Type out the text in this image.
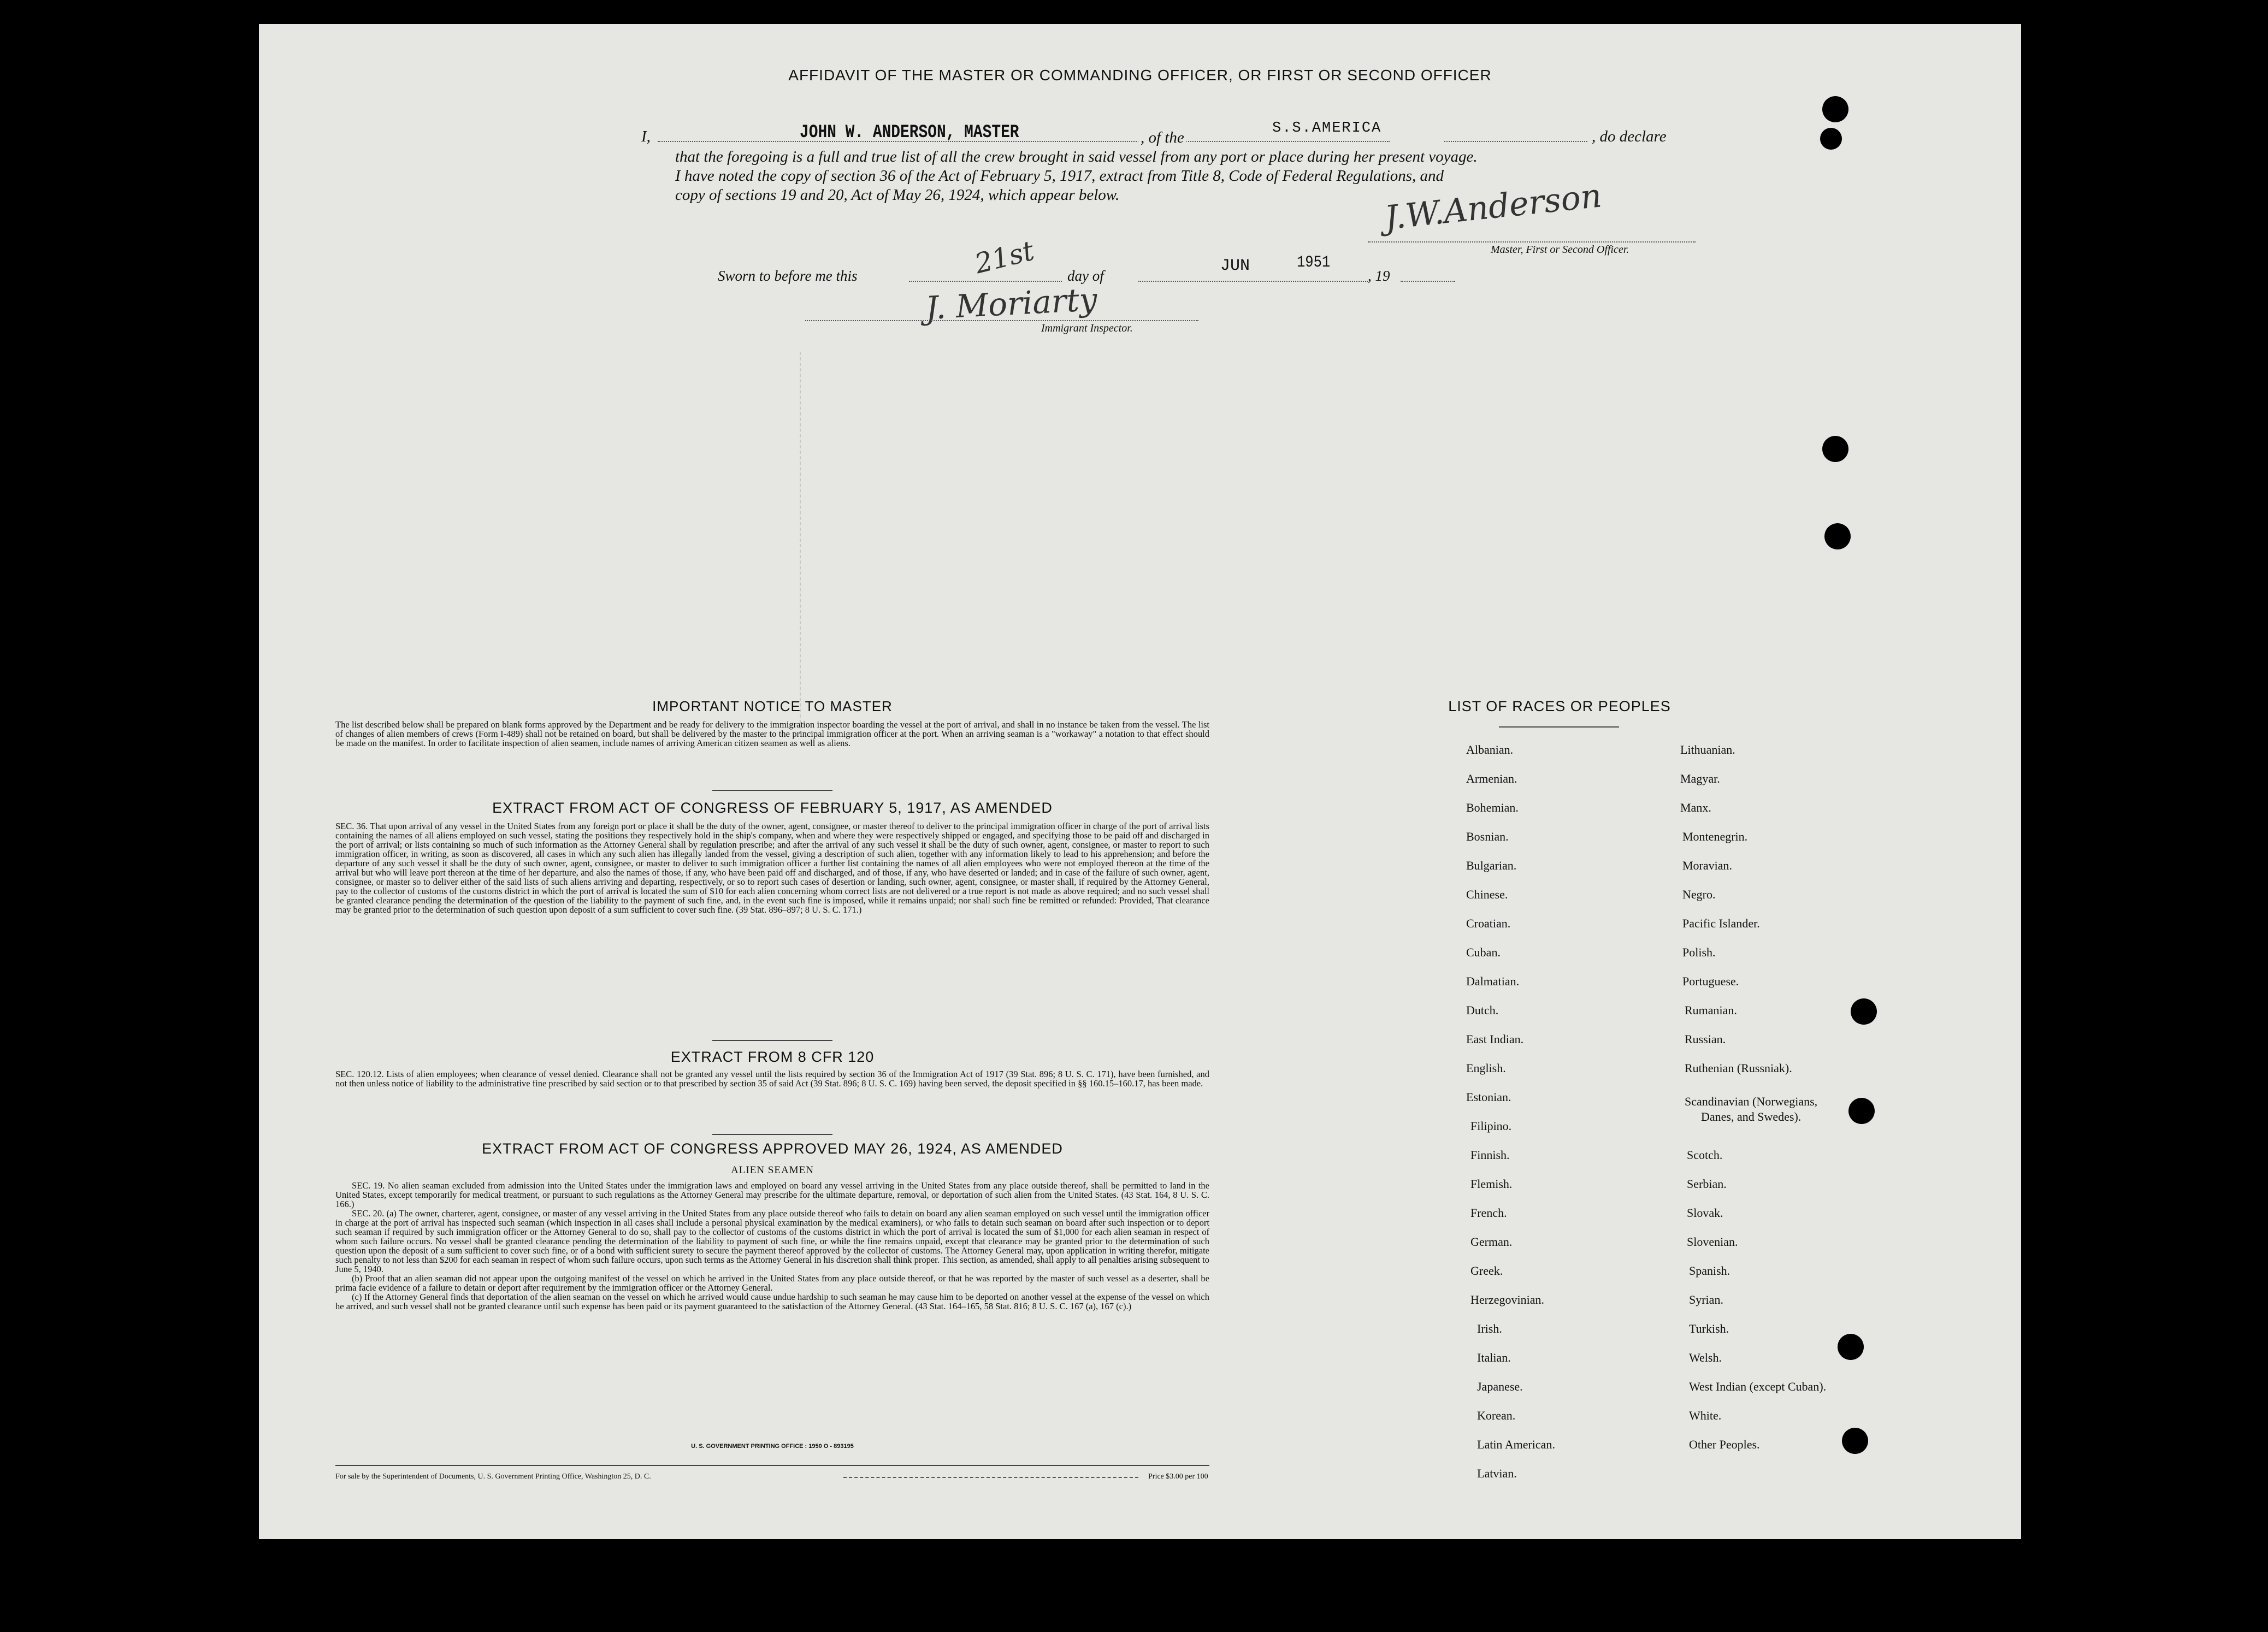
AFFIDAVIT OF THE MASTER OR COMMANDING OFFICER, OR FIRST OR SECOND OFFICER
I,	JOHN W. ANDERSON, MASTER	, of the
S.S.AMERICA	, do declare
that the foregoing is a full and true list of all the crew brought in said vessel from any port or place during her present voyage.
I have noted the copy of section 36 of the Act of February 5, 1917, extract from Title 8, Code of Federal Regulations, and
copy of sections 19 and 20, Act of May 26, 1924, which appear below.	J.W.Anderson
Master, First or Second Officer.
Sworn to before me this	21st day of
JUN	1951
, 19
J. Moriarty
Immigrant Inspector.
IMPORTANT NOTICE TO MASTER
The list described below shall be prepared on blank forms approved by the Department and be ready for delivery to the immigration inspector boarding the vessel at the port of arrival, and shall in no instance be taken from the vessel. The list of changes of alien members of crews (Form I-489) shall not be retained on board, but shall be delivered by the master to the principal immigration officer at the port. When an arriving seaman is a "workaway" a notation to that effect should be made on the manifest. In order to facilitate inspection of alien seamen, include names of arriving American citizen seamen as well as aliens.
EXTRACT FROM ACT OF CONGRESS OF FEBRUARY 5, 1917, AS AMENDED
SEC. 36. That upon arrival of any vessel in the United States from any foreign port or place it shall be the duty of the owner, agent, consignee, or master thereof to deliver to the principal immigration officer in charge of the port of arrival lists containing the names of all aliens employed on such vessel, stating the positions they respectively hold in the ship's company, when and where they were respectively shipped or engaged, and specifying those to be paid off and discharged in the port of arrival; or lists containing so much of such information as the Attorney General shall by regulation prescribe; and after the arrival of any such vessel it shall be the duty of such owner, agent, consignee, or master to report to such immigration officer, in writing, as soon as discovered, all cases in which any such alien has illegally landed from the vessel, giving a description of such alien, together with any information likely to lead to his apprehension; and before the departure of any such vessel it shall be the duty of such owner, agent, consignee, or master to deliver to such immigration officer a further list containing the names of all alien employees who were not employed thereon at the time of the arrival but who will leave port thereon at the time of her departure, and also the names of those, if any, who have been paid off and discharged, and of those, if any, who have deserted or landed; and in case of the failure of such owner, agent, consignee, or master so to deliver either of the said lists of such aliens arriving and departing, respectively, or so to report such cases of desertion or landing, such owner, agent, consignee, or master shall, if required by the Attorney General, pay to the collector of customs of the customs district in which the port of arrival is located the sum of $10 for each alien concerning whom correct lists are not delivered or a true report is not made as above required; and no such vessel shall be granted clearance pending the determination of the question of the liability to the payment of such fine, and, in the event such fine is imposed, while it remains unpaid; nor shall such fine be remitted or refunded: Provided, That clearance may be granted prior to the determination of such question upon deposit of a sum sufficient to cover such fine. (39 Stat. 896–897; 8 U. S. C. 171.)
EXTRACT FROM 8 CFR 120
SEC. 120.12. Lists of alien employees; when clearance of vessel denied. Clearance shall not be granted any vessel until the lists required by section 36 of the Immigration Act of 1917 (39 Stat. 896; 8 U. S. C. 171), have been furnished, and not then unless notice of liability to the administrative fine prescribed by said section or to that prescribed by section 35 of said Act (39 Stat. 896; 8 U. S. C. 169) having been served, the deposit specified in §§ 160.15–160.17, has been made.
EXTRACT FROM ACT OF CONGRESS APPROVED MAY 26, 1924, AS AMENDED
ALIEN SEAMEN
SEC. 19. No alien seaman excluded from admission into the United States under the immigration laws and employed on board any vessel arriving in the United States from any place outside thereof, shall be permitted to land in the United States, except temporarily for medical treatment, or pursuant to such regulations as the Attorney General may prescribe for the ultimate departure, removal, or deportation of such alien from the United States. (43 Stat. 164, 8 U. S. C. 166.)
SEC. 20. (a) The owner, charterer, agent, consignee, or master of any vessel arriving in the United States from any place outside thereof who fails to detain on board any alien seaman employed on such vessel until the immigration officer in charge at the port of arrival has inspected such seaman (which inspection in all cases shall include a personal physical examination by the medical examiners), or who fails to detain such seaman on board after such inspection or to deport such seaman if required by such immigration officer or the Attorney General to do so, shall pay to the collector of customs of the customs district in which the port of arrival is located the sum of $1,000 for each alien seaman in respect of whom such failure occurs. No vessel shall be granted clearance pending the determination of the liability to payment of such fine, or while the fine remains unpaid, except that clearance may be granted prior to the determination of such question upon the deposit of a sum sufficient to cover such fine, or of a bond with sufficient surety to secure the payment thereof approved by the collector of customs. The Attorney General may, upon application in writing therefor, mitigate such penalty to not less than $200 for each seaman in respect of whom such failure occurs, upon such terms as the Attorney General in his discretion shall think proper. This section, as amended, shall apply to all penalties arising subsequent to June 5, 1940.
(b) Proof that an alien seaman did not appear upon the outgoing manifest of the vessel on which he arrived in the United States from any place outside thereof, or that he was reported by the master of such vessel as a deserter, shall be prima facie evidence of a failure to detain or deport after requirement by the immigration officer or the Attorney General.
(c) If the Attorney General finds that deportation of the alien seaman on the vessel on which he arrived would cause undue hardship to such seaman he may cause him to be deported on another vessel at the expense of the vessel on which he arrived, and such vessel shall not be granted clearance until such expense has been paid or its payment guaranteed to the satisfaction of the Attorney General. (43 Stat. 164–165, 58 Stat. 816; 8 U. S. C. 167 (a), 167 (c).)
U. S. GOVERNMENT PRINTING OFFICE : 1950 O - 893195
For sale by the Superintendent of Documents, U. S. Government Printing Office, Washington 25, D. C.	Price $3.00 per 100
LIST OF RACES OR PEOPLES
Albanian.
Armenian.
Bohemian.
Bosnian.
Bulgarian.
Chinese.
Croatian.
Cuban.
Dalmatian.
Dutch.
East Indian.
English.
Estonian.
Filipino.
Finnish.
Flemish.
French.
German.
Greek.
Herzegovinian.
Irish.
Italian.
Japanese.
Korean.
Latin American.
Latvian.
Lithuanian.
Magyar.
Manx.
Montenegrin.
Moravian.
Negro.
Pacific Islander.
Polish.
Portuguese.
Rumanian.
Russian.
Ruthenian (Russniak).
Scandinavian (Norwegians,
Danes, and Swedes).
Scotch.
Serbian.
Slovak.
Slovenian.
Spanish.
Syrian.
Turkish.
Welsh.
West Indian (except Cuban).
White.
Other Peoples.
